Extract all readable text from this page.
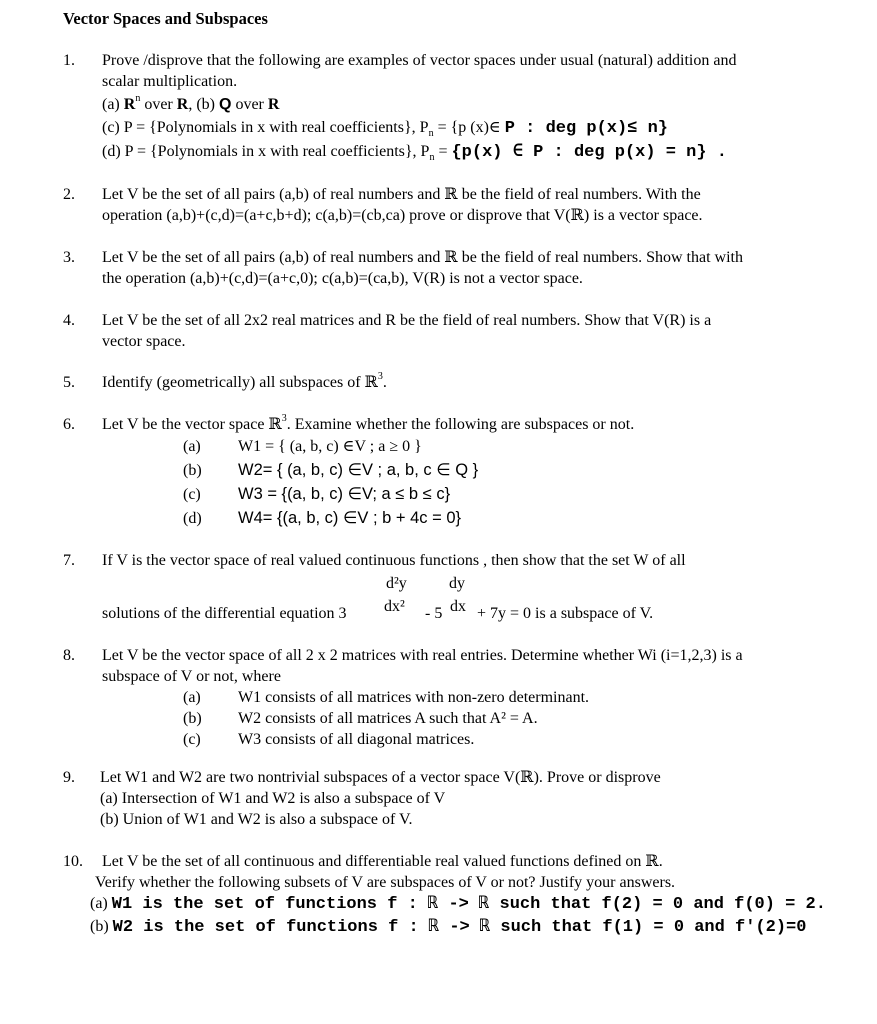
Vector Spaces and Subspaces
1. Prove /disprove that the following are examples of vector spaces under usual (natural) addition and
scalar multiplication.
(a) $R^n$ over R, (b) Q over R
(c) P = {Polynomials in x with real coefficients}, $P_n = \{p$ (x)∈ P : deg p(x)≤ n}
(d) P = {Polynomials in x with real coefficients}, $P_n = \{p(x)$ ∈ P : deg p(x) = n} .
2. Let V be the set of all pairs (a,b) of real numbers and ℝ be the field of real numbers. With the
operation (a,b)+(c,d)=(a+c,b+d); c(a,b)=(cb,ca) prove or disprove that V(ℝ) is a vector space.
3. Let V be the set of all pairs (a,b) of real numbers and ℝ be the field of real numbers. Show that with
the operation (a,b)+(c,d)=(a+c,0); c(a,b)=(ca,b), V(R) is not a vector space.
4. Let V be the set of all 2x2 real matrices and R be the field of real numbers. Show that V(R) is a
vector space.
5. Identify (geometrically) all subspaces of ℝ$^3$.
6. Let V be the vector space ℝ$^3$. Examine whether the following are subspaces or not.
(a) W1 = { (a, b, c) ∈V ; a ≥ 0 }
(b) W2= { (a, b, c) ∈V ; a, b, c ∈ Q }
(c) W3 = {(a, b, c) ∈V; a ≤ b ≤ c}
(d) W4= {(a, b, c) ∈V ; b + 4c = 0}
7. If V is the vector space of real valued continuous functions , then show that the set W of all
d²y	dy
solutions of the differential equation 3 dx² - 5 dx + 7y = 0 is a subspace of V.
8. Let V be the vector space of all 2 x 2 matrices with real entries. Determine whether Wi (i=1,2,3) is a
subspace of V or not, where
(a) W1 consists of all matrices with non-zero determinant.
(b) W2 consists of all matrices A such that A² = A.
(c) W3 consists of all diagonal matrices.
9. Let W1 and W2 are two nontrivial subspaces of a vector space V(ℝ). Prove or disprove
(a) Intersection of W1 and W2 is also a subspace of V
(b) Union of W1 and W2 is also a subspace of V.
10. Let V be the set of all continuous and differentiable real valued functions defined on ℝ.
Verify whether the following subsets of V are subspaces of V or not? Justify your answers.
(a) W1 is the set of functions f : ℝ -> ℝ such that f(2) = 0 and f(0) = 2.
(b) W2 is the set of functions f : ℝ -> ℝ such that f(1) = 0 and f'(2)=0
